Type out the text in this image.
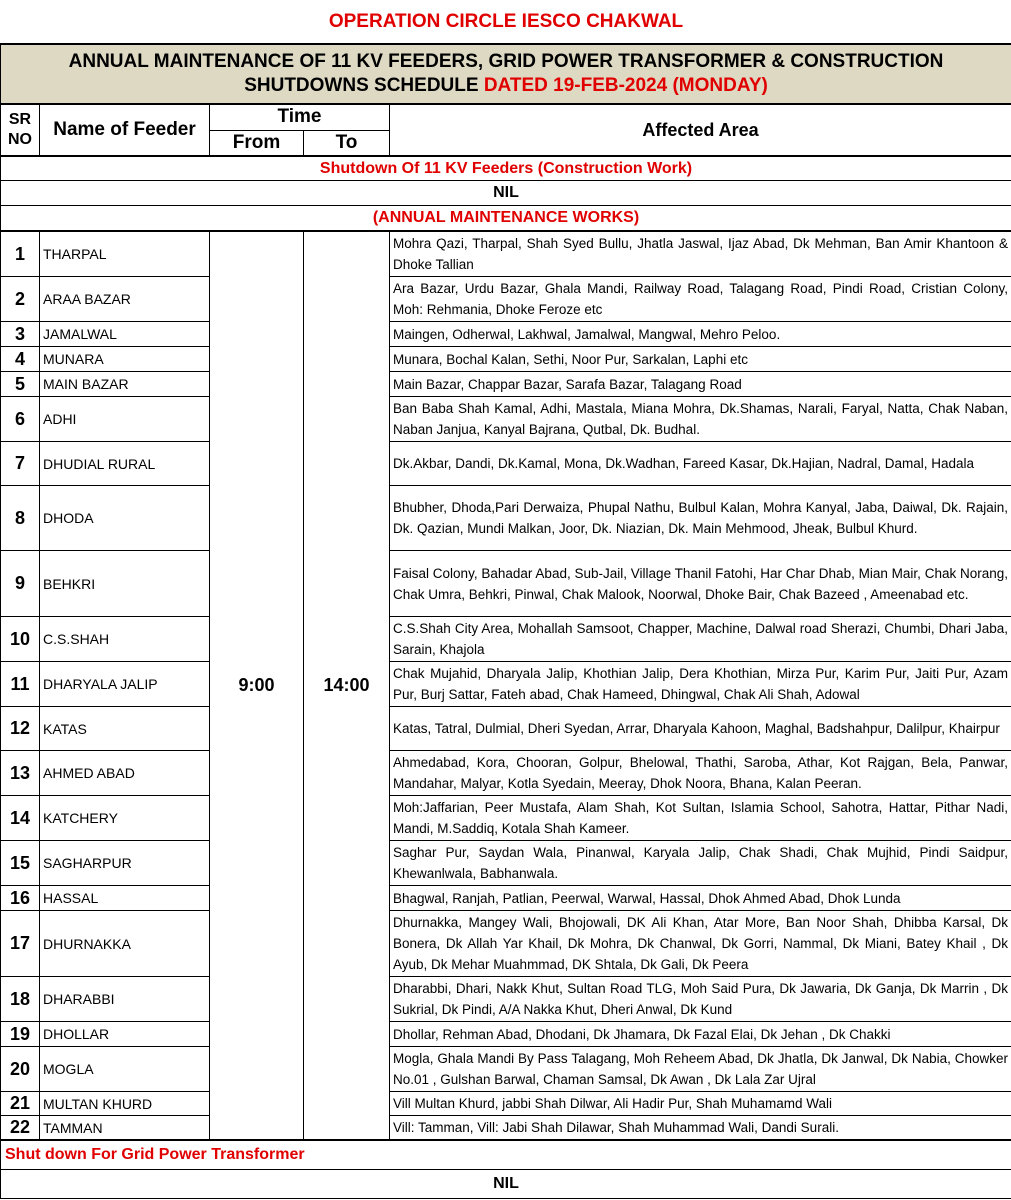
OPERATION CIRCLE IESCO CHAKWAL				

ANNUAL MAINTENANCE OF 11 KV FEEDERS, GRID POWER TRANSFORMER & CONSTRUCTION
SHUTDOWNS SCHEDULE DATED 19-FEB-2024 (MONDAY)				

SR
NO	Name of Feeder	Time		Affected Area
		From	To	
Shutdown Of 11 KV Feeders (Construction Work)				
NIL				
(ANNUAL MAINTENANCE WORKS)				
1	THARPAL	9:00	14:00	Mohra Qazi, Tharpal, Shah Syed Bullu, Jhatla Jaswal, Ijaz Abad, Dk Mehman, Ban Amir Khantoon & Dhoke Tallian
2	ARAA BAZAR			Ara Bazar, Urdu Bazar, Ghala Mandi, Railway Road, Talagang Road, Pindi Road, Cristian Colony, Moh: Rehmania, Dhoke Feroze etc
3	JAMALWAL			Maingen, Odherwal, Lakhwal, Jamalwal, Mangwal, Mehro Peloo.
4	MUNARA			Munara, Bochal Kalan, Sethi, Noor Pur, Sarkalan, Laphi etc
5	MAIN BAZAR			Main Bazar, Chappar Bazar, Sarafa Bazar, Talagang Road
6	ADHI			Ban Baba Shah Kamal, Adhi, Mastala, Miana Mohra, Dk.Shamas, Narali, Faryal, Natta, Chak Naban, Naban Janjua, Kanyal Bajrana, Qutbal, Dk. Budhal.
7	DHUDIAL RURAL			Dk.Akbar, Dandi, Dk.Kamal, Mona, Dk.Wadhan, Fareed Kasar, Dk.Hajian, Nadral, Damal, Hadala
8	DHODA			Bhubher, Dhoda,Pari Derwaiza, Phupal Nathu, Bulbul Kalan, Mohra Kanyal, Jaba, Daiwal, Dk. Rajain, Dk. Qazian, Mundi Malkan, Joor, Dk. Niazian, Dk. Main Mehmood, Jheak, Bulbul Khurd.
9	BEHKRI			Faisal Colony, Bahadar Abad, Sub-Jail, Village Thanil Fatohi, Har Char Dhab, Mian Mair, Chak Norang, Chak Umra, Behkri, Pinwal, Chak Malook, Noorwal, Dhoke Bair, Chak Bazeed , Ameenabad etc.
10	C.S.SHAH			C.S.Shah City Area, Mohallah Samsoot, Chapper, Machine, Dalwal road Sherazi, Chumbi, Dhari Jaba, Sarain, Khajola
11	DHARYALA JALIP			Chak Mujahid, Dharyala Jalip, Khothian Jalip, Dera Khothian, Mirza Pur, Karim Pur, Jaiti Pur, Azam Pur, Burj Sattar, Fateh abad, Chak Hameed, Dhingwal, Chak Ali Shah, Adowal
12	KATAS			Katas, Tatral, Dulmial, Dheri Syedan, Arrar, Dharyala Kahoon, Maghal, Badshahpur, Dalilpur, Khairpur
13	AHMED ABAD			Ahmedabad, Kora, Chooran, Golpur, Bhelowal, Thathi, Saroba, Athar, Kot Rajgan, Bela, Panwar, Mandahar, Malyar, Kotla Syedain, Meeray, Dhok Noora, Bhana, Kalan Peeran.
14	KATCHERY			Moh:Jaffarian, Peer Mustafa, Alam Shah, Kot Sultan, Islamia School, Sahotra, Hattar, Pithar Nadi, Mandi, M.Saddiq, Kotala Shah Kameer.
15	SAGHARPUR			Saghar Pur, Saydan Wala, Pinanwal, Karyala Jalip, Chak Shadi, Chak Mujhid, Pindi Saidpur, Khewanlwala, Babhanwala.
16	HASSAL			Bhagwal, Ranjah, Patlian, Peerwal, Warwal, Hassal, Dhok Ahmed Abad, Dhok Lunda
17	DHURNAKKA			Dhurnakka, Mangey Wali, Bhojowali, DK Ali Khan, Atar More, Ban Noor Shah, Dhibba Karsal, Dk Bonera, Dk Allah Yar Khail, Dk Mohra, Dk Chanwal, Dk Gorri, Nammal, Dk Miani, Batey Khail , Dk Ayub, Dk Mehar Muahmmad, DK Shtala, Dk Gali, Dk Peera
18	DHARABBI			Dharabbi, Dhari, Nakk Khut, Sultan Road TLG, Moh Said Pura, Dk Jawaria, Dk Ganja, Dk Marrin , Dk Sukrial, Dk Pindi, A/A Nakka Khut, Dheri Anwal, Dk Kund
19	DHOLLAR			Dhollar, Rehman Abad, Dhodani, Dk Jhamara, Dk Fazal Elai, Dk Jehan , Dk Chakki
20	MOGLA			Mogla, Ghala Mandi By Pass Talagang, Moh Reheem Abad, Dk Jhatla, Dk Janwal, Dk Nabia, Chowker No.01 , Gulshan Barwal, Chaman Samsal, Dk Awan , Dk Lala Zar Ujral
21	MULTAN KHURD			Vill Multan Khurd, jabbi Shah Dilwar, Ali Hadir Pur, Shah Muhamamd Wali
22	TAMMAN			Vill: Tamman, Vill: Jabi Shah Dilawar, Shah Muhammad Wali, Dandi Surali.
Shut down For Grid Power Transformer				
NIL				
